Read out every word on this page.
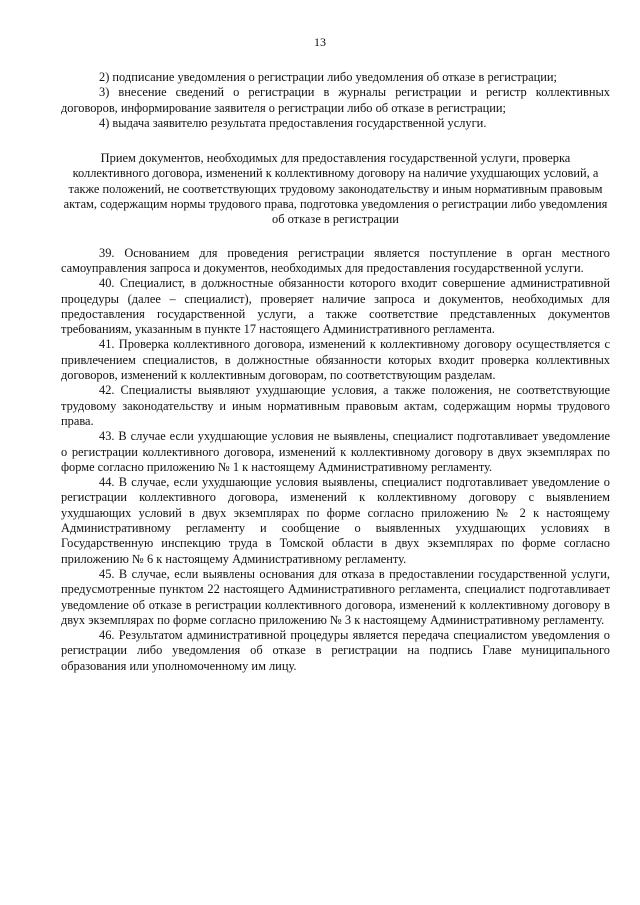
13

2) подписание уведомления о регистрации либо уведомления об отказе в регистрации;

3) внесение сведений о регистрации в журналы регистрации и регистр коллективных договоров, информирование заявителя о регистрации либо об отказе в регистрации;

4) выдача заявителю результата предоставления государственной услуги.

Прием документов, необходимых для предоставления государственной услуги, проверка коллективного договора, изменений к коллективному договору на наличие ухудшающих условий, а также положений, не соответствующих трудовому законодательству и иным нормативным правовым актам, содержащим нормы трудового права, подготовка уведомления о регистрации либо уведомления об отказе в регистрации

39. Основанием для проведения регистрации является поступление в орган местного самоуправления запроса и документов, необходимых для предоставления государственной услуги.

40. Специалист, в должностные обязанности которого входит совершение административной процедуры (далее – специалист), проверяет наличие запроса и документов, необходимых для предоставления государственной услуги, а также соответствие представленных документов требованиям, указанным в пункте 17 настоящего Административного регламента.

41. Проверка коллективного договора, изменений к коллективному договору осуществляется с привлечением специалистов, в должностные обязанности которых входит проверка коллективных договоров, изменений к коллективным договорам, по соответствующим разделам.

42. Специалисты выявляют ухудшающие условия, а также положения, не соответствующие трудовому законодательству и иным нормативным правовым актам, содержащим нормы трудового права.

43. В случае если ухудшающие условия не выявлены, специалист подготавливает уведомление о регистрации коллективного договора, изменений к коллективному договору в двух экземплярах по форме согласно приложению № 1 к настоящему Административному регламенту.

44. В случае, если ухудшающие условия выявлены, специалист подготавливает уведомление о регистрации коллективного договора, изменений к коллективному договору с выявлением ухудшающих условий в двух экземплярах по форме согласно приложению № 2 к настоящему Административному регламенту и сообщение о выявленных ухудшающих условиях в Государственную инспекцию труда в Томской области в двух экземплярах по форме согласно приложению № 6 к настоящему Административному регламенту.

45. В случае, если выявлены основания для отказа в предоставлении государственной услуги, предусмотренные пунктом 22 настоящего Административного регламента, специалист подготавливает уведомление об отказе в регистрации коллективного договора, изменений к коллективному договору в двух экземплярах по форме согласно приложению № 3 к настоящему Административному регламенту.

46. Результатом административной процедуры является передача специалистом уведомления о регистрации либо уведомления об отказе в регистрации на подпись Главе муниципального образования или уполномоченному им лицу.
